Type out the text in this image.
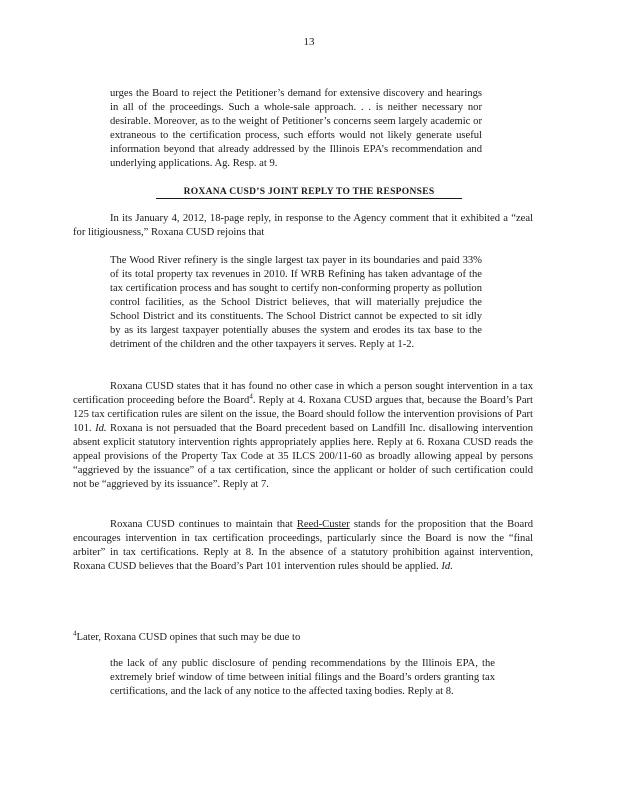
13
urges the Board to reject the Petitioner’s demand for extensive discovery and hearings in all of the proceedings. Such a whole-sale approach. . . is neither necessary nor desirable. Moreover, as to the weight of Petitioner’s concerns seem largely academic or extraneous to the certification process, such efforts would not likely generate useful information beyond that already addressed by the Illinois EPA’s recommendation and underlying applications. Ag. Resp. at 9.
ROXANA CUSD’S JOINT REPLY TO THE RESPONSES
In its January 4, 2012, 18-page reply, in response to the Agency comment that it exhibited a “zeal for litigiousness,” Roxana CUSD rejoins that
The Wood River refinery is the single largest tax payer in its boundaries and paid 33% of its total property tax revenues in 2010. If WRB Refining has taken advantage of the tax certification process and has sought to certify non-conforming property as pollution control facilities, as the School District believes, that will materially prejudice the School District and its constituents. The School District cannot be expected to sit idly by as its largest taxpayer potentially abuses the system and erodes its tax base to the detriment of the children and the other taxpayers it serves. Reply at 1-2.
Roxana CUSD states that it has found no other case in which a person sought intervention in a tax certification proceeding before the Board$^4$. Reply at 4. Roxana CUSD argues that, because the Board’s Part 125 tax certification rules are silent on the issue, the Board should follow the intervention provisions of Part 101. Id. Roxana is not persuaded that the Board precedent based on Landfill Inc. disallowing intervention absent explicit statutory intervention rights appropriately applies here. Reply at 6. Roxana CUSD reads the appeal provisions of the Property Tax Code at 35 ILCS 200/11-60 as broadly allowing appeal by persons “aggrieved by the issuance” of a tax certification, since the applicant or holder of such certification could not be “aggrieved by its issuance”. Reply at 7.
Roxana CUSD continues to maintain that Reed-Custer stands for the proposition that the Board encourages intervention in tax certification proceedings, particularly since the Board is now the “final arbiter” in tax certifications. Reply at 8. In the absence of a statutory prohibition against intervention, Roxana CUSD believes that the Board’s Part 101 intervention rules should be applied. Id.
$^4$Later, Roxana CUSD opines that such may be due to
the lack of any public disclosure of pending recommendations by the Illinois EPA, the extremely brief window of time between initial filings and the Board’s orders granting tax certifications, and the lack of any notice to the affected taxing bodies. Reply at 8.
